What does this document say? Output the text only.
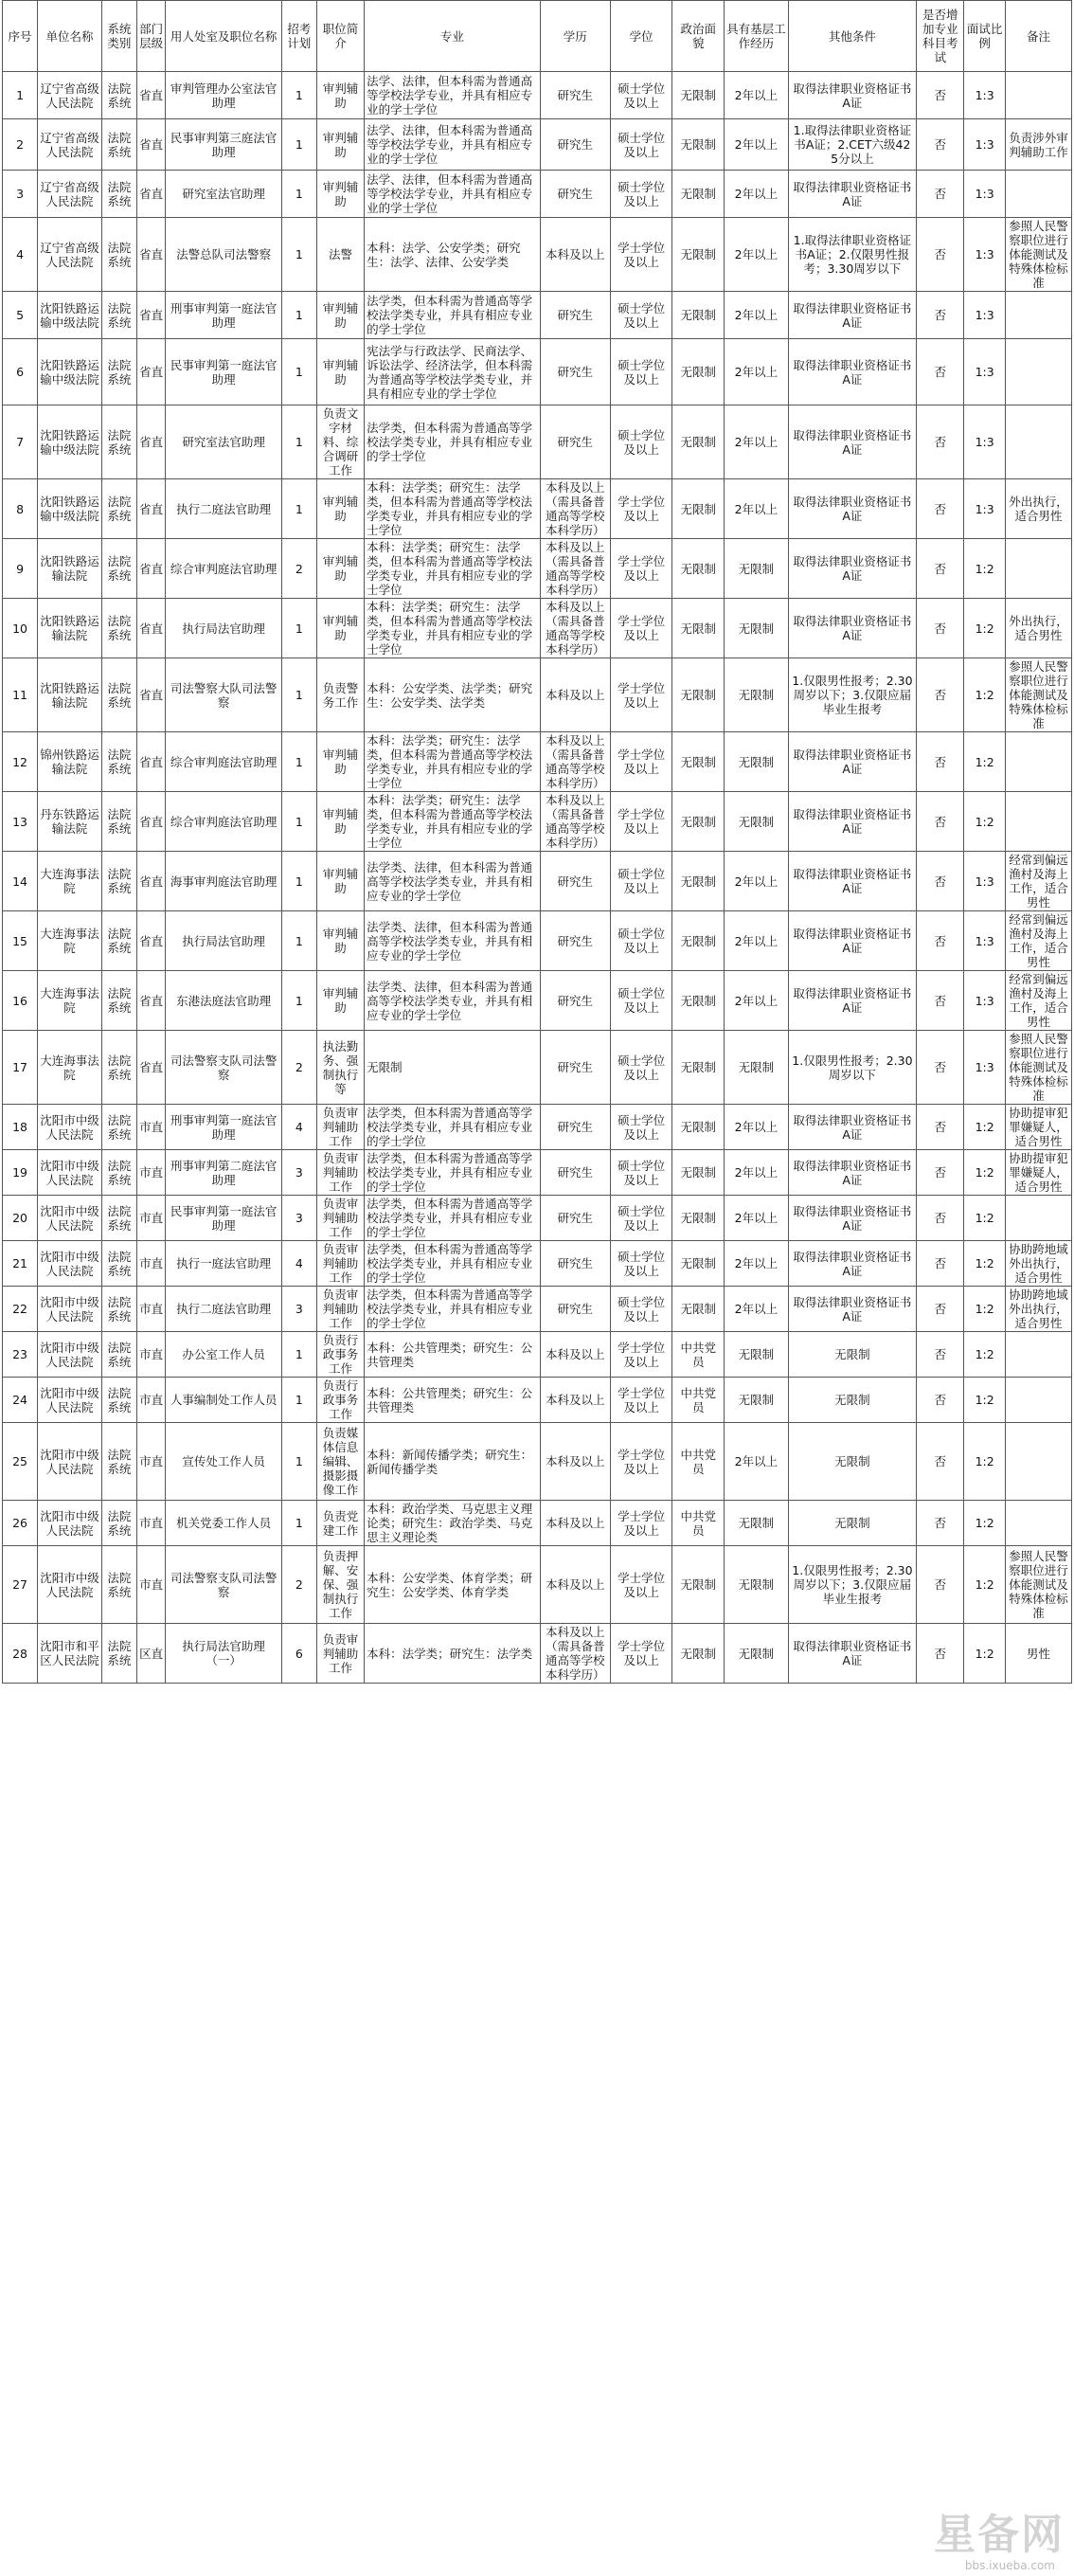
序号	单位名称	系统类别	部门层级	用人处室及职位名称	招考计划	职位简介	专业	学历	学位	政治面貌	具有基层工作经历	其他条件	是否增加专业科目考试	面试比例	备注
1	辽宁省高级人民法院	法院系统	省直	审判管理办公室法官助理	1	审判辅助	法学、法律，但本科需为普通高等学校法学专业，并具有相应专业的学士学位	研究生	硕士学位及以上	无限制	2年以上	取得法律职业资格证书A证	否	1:3	
2	辽宁省高级人民法院	法院系统	省直	民事审判第三庭法官助理	1	审判辅助	法学、法律，但本科需为普通高等学校法学专业，并具有相应专业的学士学位	研究生	硕士学位及以上	无限制	2年以上	1.取得法律职业资格证书A证；2.CET六级425分以上	否	1:3	负责涉外审判辅助工作
3	辽宁省高级人民法院	法院系统	省直	研究室法官助理	1	审判辅助	法学、法律，但本科需为普通高等学校法学专业，并具有相应专业的学士学位	研究生	硕士学位及以上	无限制	2年以上	取得法律职业资格证书A证	否	1:3	
4	辽宁省高级人民法院	法院系统	省直	法警总队司法警察	1	法警	本科：法学、公安学类；研究生：法学、法律、公安学类	本科及以上	学士学位及以上	无限制	2年以上	1.取得法律职业资格证书A证；2.仅限男性报考；3.30周岁以下	否	1:3	参照人民警察职位进行体能测试及特殊体检标准
5	沈阳铁路运输中级法院	法院系统	省直	刑事审判第一庭法官助理	1	审判辅助	法学类，但本科需为普通高等学校法学类专业，并具有相应专业的学士学位	研究生	硕士学位及以上	无限制	2年以上	取得法律职业资格证书A证	否	1:3	
6	沈阳铁路运输中级法院	法院系统	省直	民事审判第一庭法官助理	1	审判辅助	宪法学与行政法学、民商法学、诉讼法学、经济法学，但本科需为普通高等学校法学类专业，并具有相应专业的学士学位	研究生	硕士学位及以上	无限制	2年以上	取得法律职业资格证书A证	否	1:3	
7	沈阳铁路运输中级法院	法院系统	省直	研究室法官助理	1	负责文字材料、综合调研工作	法学类，但本科需为普通高等学校法学类专业，并具有相应专业的学士学位	研究生	硕士学位及以上	无限制	2年以上	取得法律职业资格证书A证	否	1:3	
8	沈阳铁路运输中级法院	法院系统	省直	执行二庭法官助理	1	审判辅助	本科：法学类；研究生：法学类，但本科需为普通高等学校法学类专业，并具有相应专业的学士学位	本科及以上（需具备普通高等学校本科学历）	学士学位及以上	无限制	2年以上	取得法律职业资格证书A证	否	1:3	外出执行，适合男性
9	沈阳铁路运输法院	法院系统	省直	综合审判庭法官助理	2	审判辅助	本科：法学类；研究生：法学类，但本科需为普通高等学校法学类专业，并具有相应专业的学士学位	本科及以上（需具备普通高等学校本科学历）	学士学位及以上	无限制	无限制	取得法律职业资格证书A证	否	1:2	
10	沈阳铁路运输法院	法院系统	省直	执行局法官助理	1	审判辅助	本科：法学类；研究生：法学类，但本科需为普通高等学校法学类专业，并具有相应专业的学士学位	本科及以上（需具备普通高等学校本科学历）	学士学位及以上	无限制	无限制	取得法律职业资格证书A证	否	1:2	外出执行，适合男性
11	沈阳铁路运输法院	法院系统	省直	司法警察大队司法警察	1	负责警务工作	本科：公安学类、法学类；研究生：公安学类、法学类	本科及以上	学士学位及以上	无限制	无限制	1.仅限男性报考；2.30周岁以下；3.仅限应届毕业生报考	否	1:2	参照人民警察职位进行体能测试及特殊体检标准
12	锦州铁路运输法院	法院系统	省直	综合审判庭法官助理	1	审判辅助	本科：法学类；研究生：法学类，但本科需为普通高等学校法学类专业，并具有相应专业的学士学位	本科及以上（需具备普通高等学校本科学历）	学士学位及以上	无限制	无限制	取得法律职业资格证书A证	否	1:2	
13	丹东铁路运输法院	法院系统	省直	综合审判庭法官助理	1	审判辅助	本科：法学类；研究生：法学类，但本科需为普通高等学校法学类专业，并具有相应专业的学士学位	本科及以上（需具备普通高等学校本科学历）	学士学位及以上	无限制	无限制	取得法律职业资格证书A证	否	1:2	
14	大连海事法院	法院系统	省直	海事审判庭法官助理	1	审判辅助	法学类、法律，但本科需为普通高等学校法学类专业，并具有相应专业的学士学位	研究生	硕士学位及以上	无限制	2年以上	取得法律职业资格证书A证	否	1:3	经常到偏远渔村及海上工作，适合男性
15	大连海事法院	法院系统	省直	执行局法官助理	1	审判辅助	法学类、法律，但本科需为普通高等学校法学类专业，并具有相应专业的学士学位	研究生	硕士学位及以上	无限制	2年以上	取得法律职业资格证书A证	否	1:3	经常到偏远渔村及海上工作，适合男性
16	大连海事法院	法院系统	省直	东港法庭法官助理	1	审判辅助	法学类、法律，但本科需为普通高等学校法学类专业，并具有相应专业的学士学位	研究生	硕士学位及以上	无限制	2年以上	取得法律职业资格证书A证	否	1:3	经常到偏远渔村及海上工作，适合男性
17	大连海事法院	法院系统	省直	司法警察支队司法警察	2	执法勤务、强制执行等	无限制	研究生	硕士学位及以上	无限制	无限制	1.仅限男性报考；2.30周岁以下	否	1:3	参照人民警察职位进行体能测试及特殊体检标准
18	沈阳市中级人民法院	法院系统	市直	刑事审判第一庭法官助理	4	负责审判辅助工作	法学类，但本科需为普通高等学校法学类专业，并具有相应专业的学士学位	研究生	硕士学位及以上	无限制	2年以上	取得法律职业资格证书A证	否	1:2	协助提审犯罪嫌疑人，适合男性
19	沈阳市中级人民法院	法院系统	市直	刑事审判第二庭法官助理	3	负责审判辅助工作	法学类，但本科需为普通高等学校法学类专业，并具有相应专业的学士学位	研究生	硕士学位及以上	无限制	2年以上	取得法律职业资格证书A证	否	1:2	协助提审犯罪嫌疑人，适合男性
20	沈阳市中级人民法院	法院系统	市直	民事审判第一庭法官助理	3	负责审判辅助工作	法学类，但本科需为普通高等学校法学类专业，并具有相应专业的学士学位	研究生	硕士学位及以上	无限制	2年以上	取得法律职业资格证书A证	否	1:2	
21	沈阳市中级人民法院	法院系统	市直	执行一庭法官助理	4	负责审判辅助工作	法学类，但本科需为普通高等学校法学类专业，并具有相应专业的学士学位	研究生	硕士学位及以上	无限制	2年以上	取得法律职业资格证书A证	否	1:2	协助跨地域外出执行，适合男性
22	沈阳市中级人民法院	法院系统	市直	执行二庭法官助理	3	负责审判辅助工作	法学类，但本科需为普通高等学校法学类专业，并具有相应专业的学士学位	研究生	硕士学位及以上	无限制	2年以上	取得法律职业资格证书A证	否	1:2	协助跨地域外出执行，适合男性
23	沈阳市中级人民法院	法院系统	市直	办公室工作人员	1	负责行政事务工作	本科：公共管理类；研究生：公共管理类	本科及以上	学士学位及以上	中共党员	无限制	无限制	否	1:2	
24	沈阳市中级人民法院	法院系统	市直	人事编制处工作人员	1	负责行政事务工作	本科：公共管理类；研究生：公共管理类	本科及以上	学士学位及以上	中共党员	无限制	无限制	否	1:2	
25	沈阳市中级人民法院	法院系统	市直	宣传处工作人员	1	负责媒体信息编辑、摄影摄像工作	本科：新闻传播学类；研究生：新闻传播学类	本科及以上	学士学位及以上	中共党员	2年以上	无限制	否	1:2	
26	沈阳市中级人民法院	法院系统	市直	机关党委工作人员	1	负责党建工作	本科：政治学类、马克思主义理论类；研究生：政治学类、马克思主义理论类	本科及以上	学士学位及以上	中共党员	无限制	无限制	否	1:2	
27	沈阳市中级人民法院	法院系统	市直	司法警察支队司法警察	2	负责押解、安保、强制执行工作	本科：公安学类、体育学类；研究生：公安学类、体育学类	本科及以上	学士学位及以上	无限制	无限制	1.仅限男性报考；2.30周岁以下；3.仅限应届毕业生报考	否	1:2	参照人民警察职位进行体能测试及特殊体检标准
28	沈阳市和平区人民法院	法院系统	区直	执行局法官助理（一）	6	负责审判辅助工作	本科：法学类；研究生：法学类	本科及以上（需具备普通高等学校本科学历）	学士学位及以上	无限制	无限制	取得法律职业资格证书A证	否	1:2	男性
星备网
bbs.ixueba.com
